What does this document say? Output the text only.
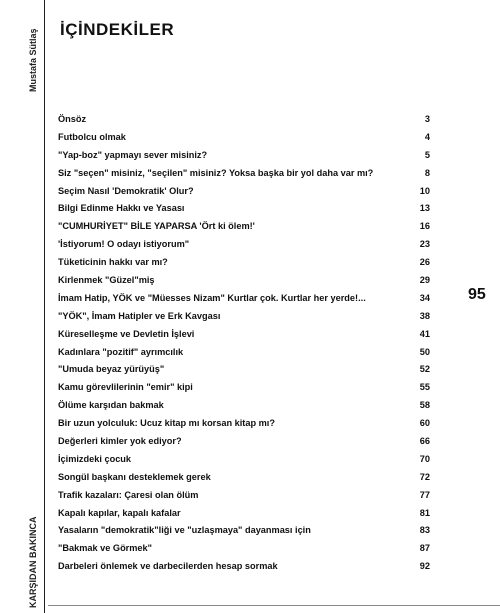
Mustafa Sütlaş
KARŞIDAN BAKINCA
İÇİNDEKİLER
Önsöz	3
Futbolcu olmak	4
"Yap-boz" yapmayı sever misiniz?	5
Siz "seçen" misiniz, "seçilen" misiniz? Yoksa başka bir yol daha var mı?	8
Seçim Nasıl 'Demokratik' Olur?	10
Bilgi Edinme Hakkı ve Yasası	13
"CUMHURİYET" BİLE YAPARSA 'Ört ki ölem!'	16
'İstiyorum! O odayı istiyorum"	23
Tüketicinin hakkı var mı?	26
Kirlenmek "Güzel"miş	29
İmam Hatip, YÖK ve "Müesses Nizam" Kurtlar çok. Kurtlar her yerde!...	34
"YÖK", İmam Hatipler ve Erk Kavgası	38
Küreselleşme ve Devletin İşlevi	41
Kadınlara "pozitif" ayrımcılık	50
"Umuda beyaz yürüyüş"	52
Kamu görevlilerinin "emir" kipi	55
Ölüme karşıdan bakmak	58
Bir uzun yolculuk: Ucuz kitap mı korsan kitap mı?	60
Değerleri kimler yok ediyor?	66
İçimizdeki çocuk	70
Songül başkanı desteklemek gerek	72
Trafik kazaları: Çaresi olan ölüm	77
Kapalı kapılar, kapalı kafalar	81
Yasaların "demokratik"liği ve "uzlaşmaya" dayanması için	83
"Bakmak ve Görmek"	87
Darbeleri önlemek ve darbecilerden hesap sormak	92
95
